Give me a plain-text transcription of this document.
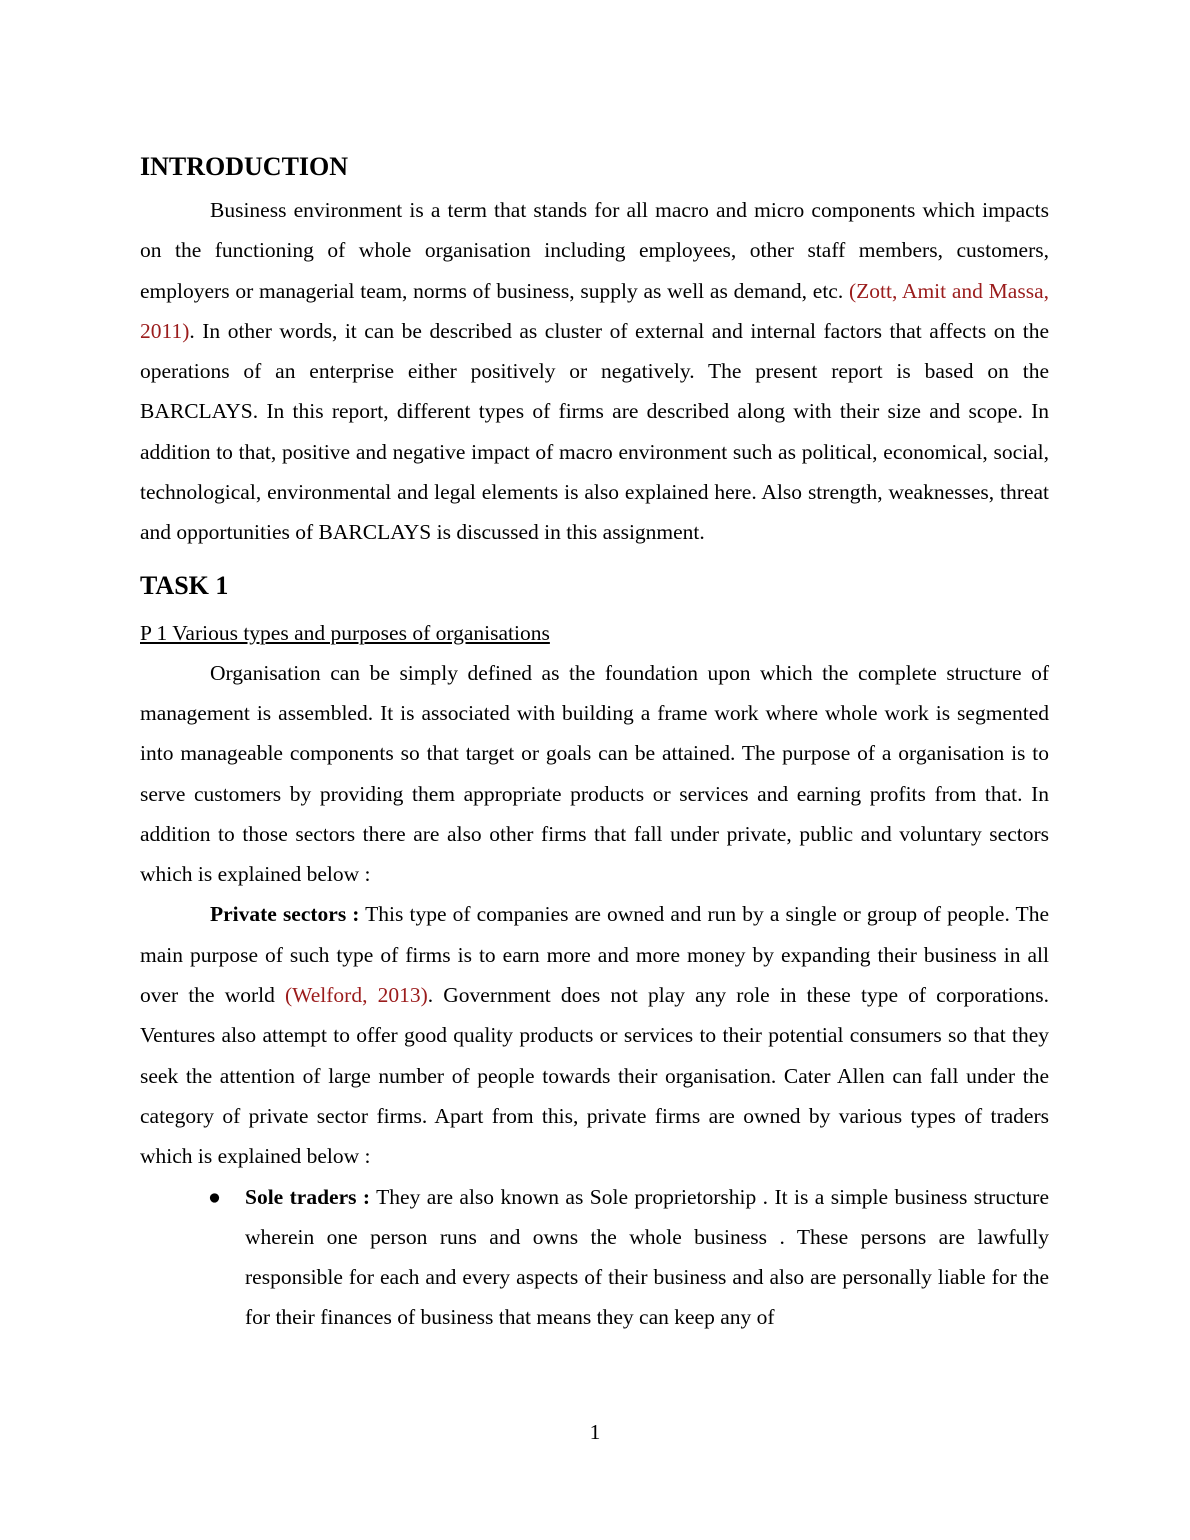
INTRODUCTION

Business environment is a term that stands for all macro and micro components which impacts on the functioning of whole organisation including employees, other staff members, customers, employers or managerial team, norms of business, supply as well as demand, etc. (Zott, Amit and Massa, 2011). In other words, it can be described as cluster of external and internal factors that affects on the operations of an enterprise either positively or negatively. The present report is based on the BARCLAYS. In this report, different types of firms are described along with their size and scope. In addition to that, positive and negative impact of macro environment such as political, economical, social, technological, environmental and legal elements is also explained here. Also strength, weaknesses, threat and opportunities of BARCLAYS is discussed in this assignment.

TASK 1
P 1 Various types and purposes of organisations

Organisation can be simply defined as the foundation upon which the complete structure of management is assembled. It is associated with building a frame work where whole work is segmented into manageable components so that target or goals can be attained. The purpose of a organisation is to serve customers by providing them appropriate products or services and earning profits from that. In addition to those sectors there are also other firms that fall under private, public and voluntary sectors which is explained below :

Private sectors : This type of companies are owned and run by a single or group of people. The main purpose of such type of firms is to earn more and more money by expanding their business in all over the world (Welford, 2013). Government does not play any role in these type of corporations. Ventures also attempt to offer good quality products or services to their potential consumers so that they seek the attention of large number of people towards their organisation. Cater Allen can fall under the category of private sector firms. Apart from this, private firms are owned by various types of traders which is explained below :

● Sole traders : They are also known as Sole proprietorship . It is a simple business structure wherein one person runs and owns the whole business . These persons are lawfully responsible for each and every aspects of their business and also are personally liable for the for their finances of business that means they can keep any of
1
